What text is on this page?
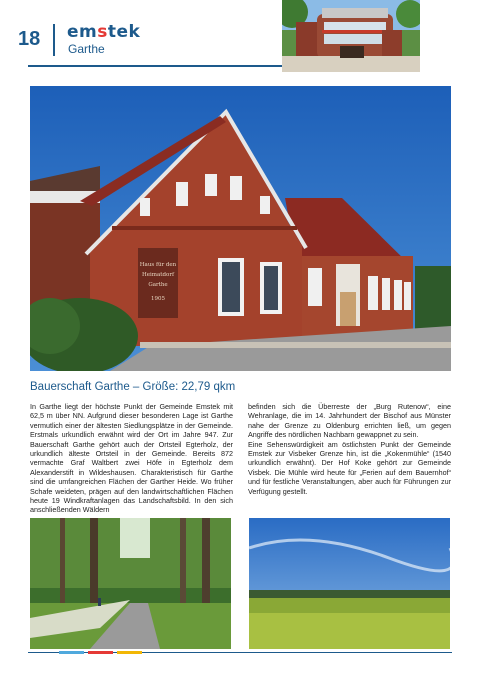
18 emstek
Garthe
Haus für den
Heimatdorf
Garthe
1905
Bauerschaft Garthe – Größe: 22,79 qkm

In Garthe liegt der höchste Punkt der Gemeinde Emstek mit 62,5 m über NN. Aufgrund dieser besonderen Lage ist Garthe vermutlich einer der ältesten Siedlungsplätze in der Gemeinde. Erstmals urkundlich erwähnt wird der Ort im Jahre 947. Zur Bauerschaft Garthe gehört auch der Ortsteil Egterholz, der urkundlich älteste Ortsteil in der Gemeinde. Bereits 872 vermachte Graf Waltbert zwei Höfe in Egterholz dem Alexanderstift in Wildeshausen. Charakteristisch für Garthe sind die umfangreichen Flächen der Garther Heide. Wo früher Schafe weideten, prägen auf den landwirtschaftlichen Flächen heute 19 Windkraftanlagen das Landschaftsbild. In den sich anschließenden Wäldern

befinden sich die Überreste der „Burg Rutenow“, eine Wehranlage, die im 14. Jahrhundert der Bischof aus Münster nahe der Grenze zu Oldenburg errichten ließ, um gegen Angriffe des nördlichen Nachbarn gewappnet zu sein.

Eine Sehenswürdigkeit am östlichsten Punkt der Gemeinde Emstek zur Visbeker Grenze hin, ist die „Kokenmühle“ (1540 urkundlich erwähnt). Der Hof Koke gehört zur Gemeinde Visbek. Die Mühle wird heute für „Ferien auf dem Bauernhof“ und für festliche Veranstaltungen, aber auch für Führungen zur Verfügung gestellt.
